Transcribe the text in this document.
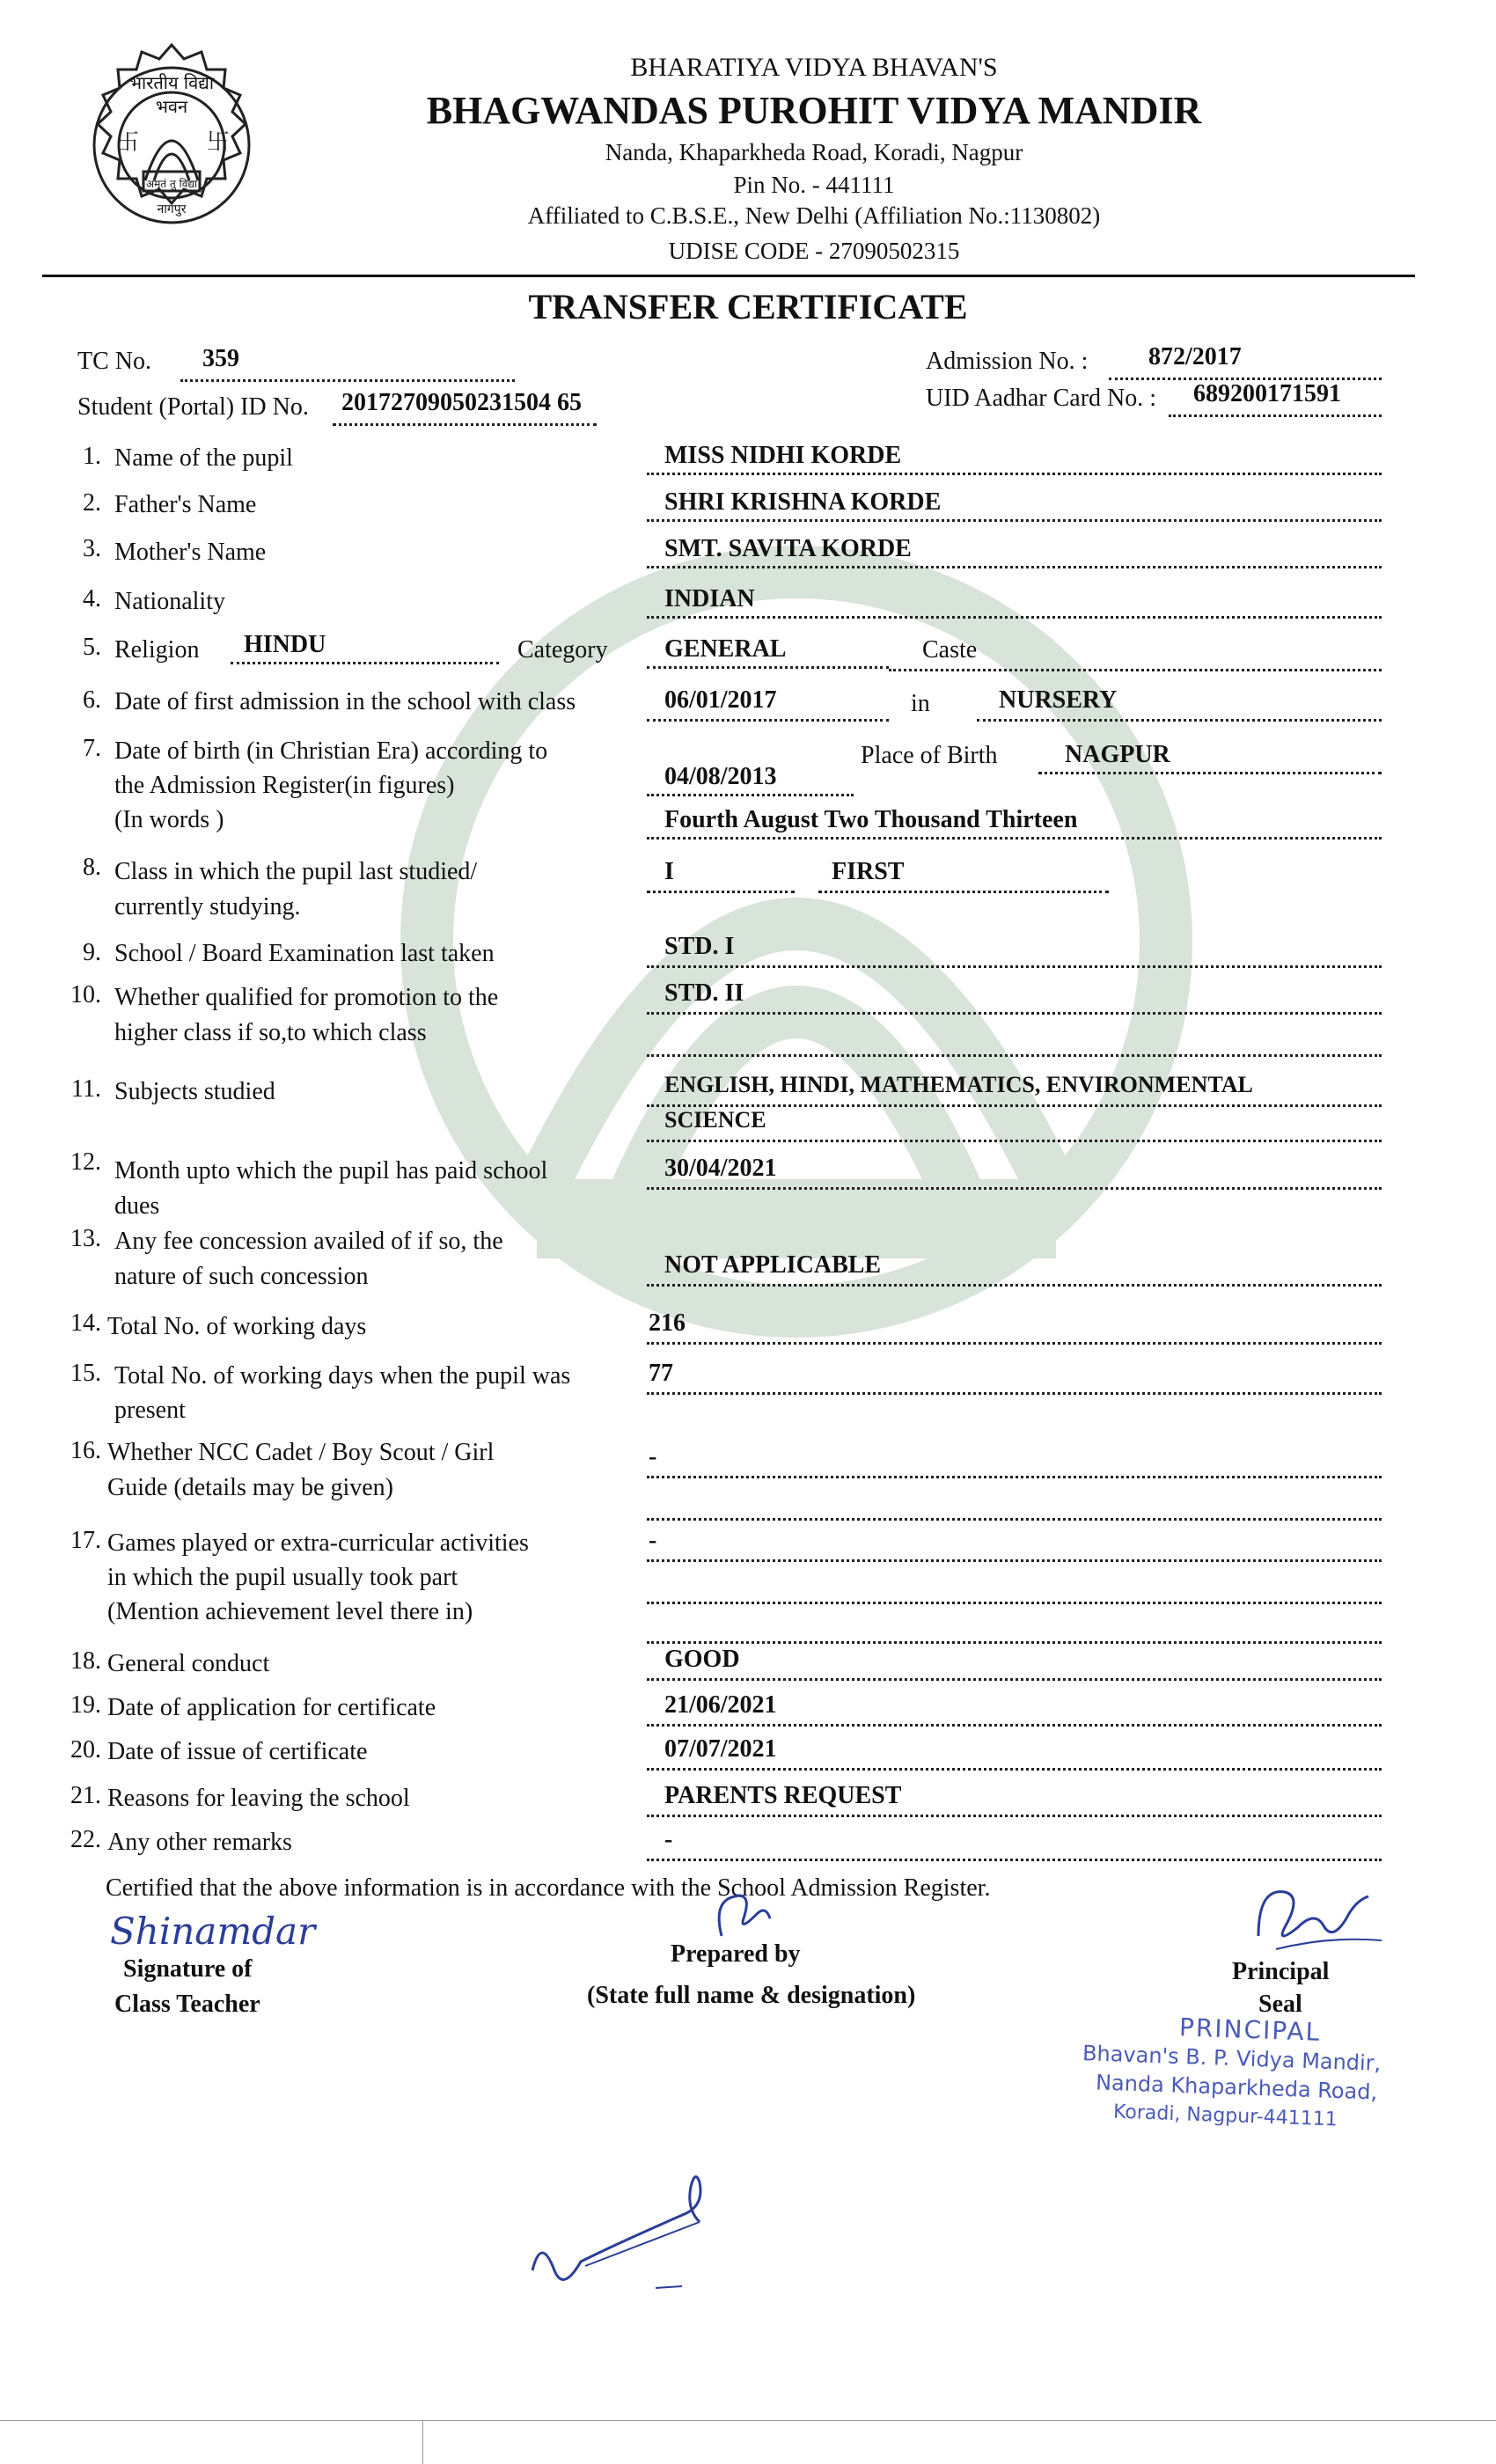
卐	卐
भारतीय विद्या भवन
अमृतं तु विद्या
नागपुर
BHARATIYA VIDYA BHAVAN'S
BHAGWANDAS PUROHIT VIDYA MANDIR
Nanda, Khaparkheda Road, Koradi, Nagpur
Pin No. - 441111
Affiliated to C.B.S.E., New Delhi (Affiliation No.:1130802)
UDISE CODE - 27090502315
TRANSFER CERTIFICATE
TC No.	359	Admission No. :	872/2017
Student (Portal) ID No.	20172709050231504 65	UID Aadhar Card No. :	689200171591
1. Name of the pupil	MISS NIDHI KORDE
2. Father's Name	SHRI KRISHNA KORDE
3. Mother's Name	SMT. SAVITA KORDE
4. Nationality	INDIAN
5. Religion	HINDU	Category	GENERAL	Caste
6. Date of first admission in the school with class	06/01/2017	in	NURSERY
7. Date of birth (in Christian Era) according to
the Admission Register(in figures)
(In words )
Place of Birth	NAGPUR
04/08/2013
Fourth August Two Thousand Thirteen
8. Class in which the pupil last studied/
currently studying.
I	FIRST
9. School / Board Examination last taken	STD. I
10. Whether qualified for promotion to the
higher class if so,to which class
STD. II
11. Subjects studied	ENGLISH, HINDI, MATHEMATICS, ENVIRONMENTAL
SCIENCE
12. Month upto which the pupil has paid school
dues
30/04/2021
13. Any fee concession availed of if so, the
nature of such concession	NOT APPLICABLE
14. Total No. of working days	216
15. Total No. of working days when the pupil was
present
77
16. Whether NCC Cadet / Boy Scout / Girl
Guide (details may be given)
-
17. Games played or extra-curricular activities
in which the pupil usually took part
(Mention achievement level there in)
-
18. General conduct	GOOD
19. Date of application for certificate	21/06/2021
20. Date of issue of certificate	07/07/2021
21. Reasons for leaving the school	PARENTS REQUEST
22. Any other remarks	-
Certified that the above information is in accordance with the School Admission Register.
Shinamdar
Signature of
Class Teacher
Prepared by
(State full name & designation)
Principal
Seal
PRINCIPAL
Bhavan's B. P. Vidya Mandir,
Nanda Khaparkheda Road,
Koradi, Nagpur-441111
